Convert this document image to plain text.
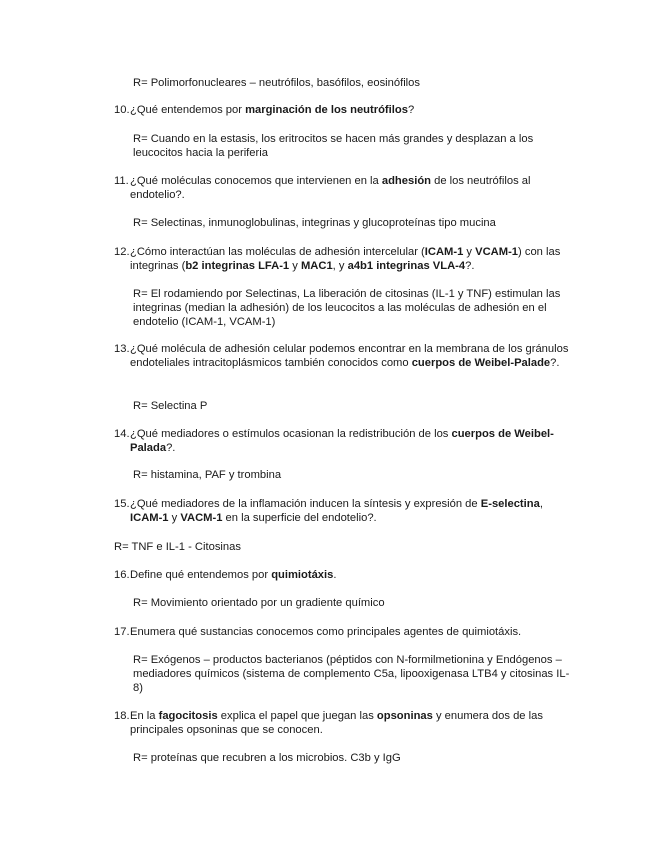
R= Polimorfonucleares – neutrófilos, basófilos, eosinófilos
10. ¿Qué entendemos por marginación de los neutrófilos?
R= Cuando en la estasis, los eritrocitos se hacen más grandes y desplazan a los leucocitos hacia la periferia
11. ¿Qué moléculas conocemos que intervienen en la adhesión de los neutrófilos al endotelio?.
R= Selectinas, inmunoglobulinas, integrinas y glucoproteínas tipo mucina
12. ¿Cómo interactúan las moléculas de adhesión intercelular (ICAM-1 y VCAM-1) con las integrinas (b2 integrinas LFA-1 y MAC1, y a4b1 integrinas VLA-4?.
R= El rodamiendo por Selectinas, La liberación de citosinas (IL-1 y TNF) estimulan las integrinas (median la adhesión) de los leucocitos a las moléculas de adhesión en el endotelio (ICAM-1, VCAM-1)
13. ¿Qué molécula de adhesión celular podemos encontrar en la membrana de los gránulos endoteliales intracitoplásmicos también conocidos como cuerpos de Weibel-Palade?.
R= Selectina P
14. ¿Qué mediadores o estímulos ocasionan la redistribución de los cuerpos de Weibel-Palada?.
R= histamina, PAF y trombina
15. ¿Qué mediadores de la inflamación inducen la síntesis y expresión de E-selectina, ICAM-1 y VACM-1 en la superficie del endotelio?.
R= TNF e IL-1 - Citosinas
16. Define qué entendemos por quimiotáxis.
R= Movimiento orientado por un gradiente químico
17. Enumera qué sustancias conocemos como principales agentes de quimiotáxis.
R= Exógenos – productos bacterianos (péptidos con N-formilmetionina y Endógenos – mediadores químicos (sistema de complemento C5a, lipooxigenasa LTB4 y citosinas IL-8)
18. En la fagocitosis explica el papel que juegan las opsoninas y enumera dos de las principales opsoninas que se conocen.
R= proteínas que recubren a los microbios. C3b y IgG
